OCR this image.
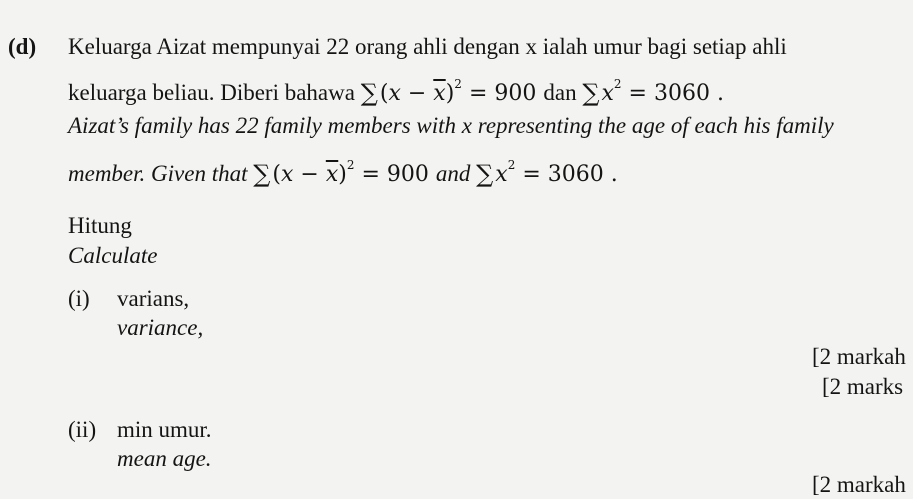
(d) Keluarga Aizat mempunyai 22 orang ahli dengan x ialah umur bagi setiap ahli
keluarga beliau. Diberi bahawa $\sum(x - \overline{x})^2 = 900$ dan $\sum x^2 = 3060$ .
Aizat’s family has 22 family members with x representing the age of each his family
member. Given that $\sum(x - \overline{x})^2 = 900$ and $\sum x^2 = 3060$ .
Hitung
Calculate
(i) varians,
variance,
[2 markah
[2 marks
(ii) min umur.
mean age.
[2 markah
